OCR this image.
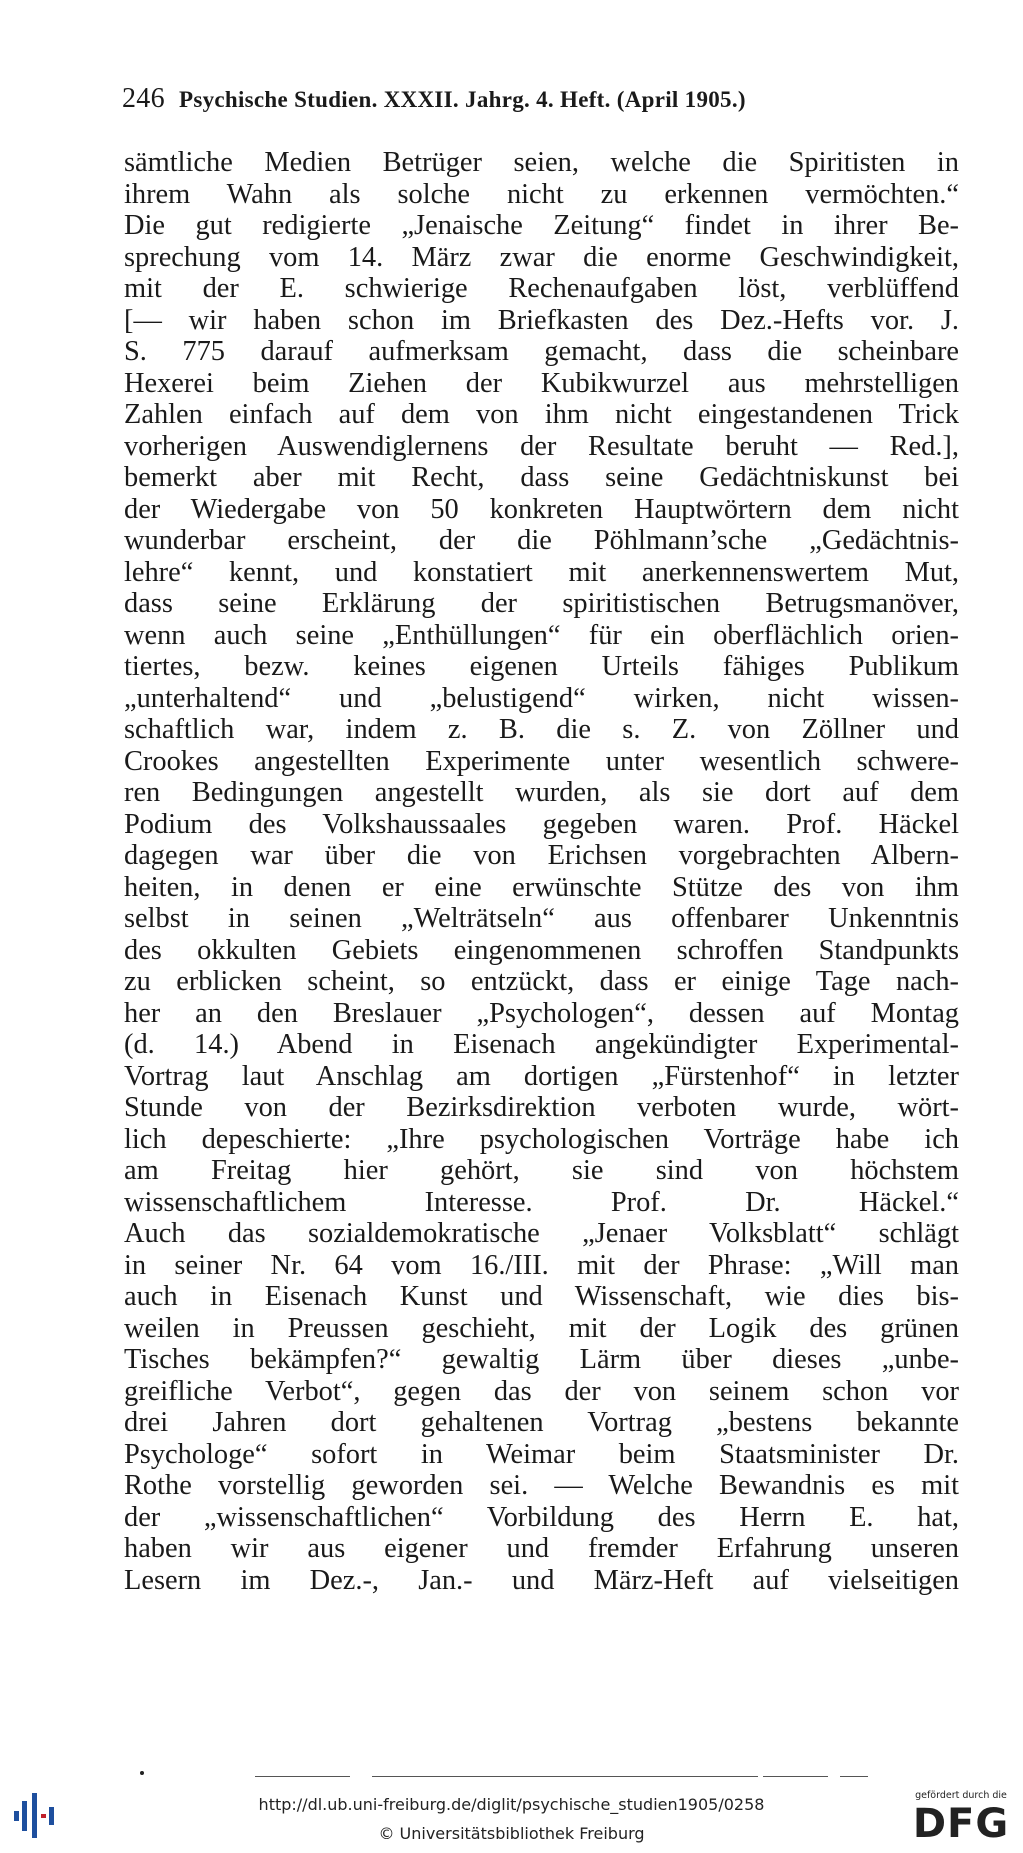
246 Psychische Studien. XXXII. Jahrg. 4. Heft. (April 1905.)
sämtliche Medien Betrüger seien, welche die Spiritisten in
ihrem Wahn als solche nicht zu erkennen vermöchten.“
Die gut redigierte „Jenaische Zeitung“ findet in ihrer Be-
sprechung vom 14. März zwar die enorme Geschwindigkeit,
mit der E. schwierige Rechenaufgaben löst, verblüffend
[— wir haben schon im Briefkasten des Dez.-Hefts vor. J.
S. 775 darauf aufmerksam gemacht, dass die scheinbare
Hexerei beim Ziehen der Kubikwurzel aus mehrstelligen
Zahlen einfach auf dem von ihm nicht eingestandenen Trick
vorherigen Auswendiglernens der Resultate beruht — Red.],
bemerkt aber mit Recht, dass seine Gedächtniskunst bei
der Wiedergabe von 50 konkreten Hauptwörtern dem nicht
wunderbar erscheint, der die Pöhlmann’sche „Gedächtnis-
lehre“ kennt, und konstatiert mit anerkennenswertem Mut,
dass seine Erklärung der spiritistischen Betrugsmanöver,
wenn auch seine „Enthüllungen“ für ein oberflächlich orien-
tiertes, bezw. keines eigenen Urteils fähiges Publikum
„unterhaltend“ und „belustigend“ wirken, nicht wissen-
schaftlich war, indem z. B. die s. Z. von Zöllner und
Crookes angestellten Experimente unter wesentlich schwere-
ren Bedingungen angestellt wurden, als sie dort auf dem
Podium des Volkshaussaales gegeben waren. Prof. Häckel
dagegen war über die von Erichsen vorgebrachten Albern-
heiten, in denen er eine erwünschte Stütze des von ihm
selbst in seinen „Welträtseln“ aus offenbarer Unkenntnis
des okkulten Gebiets eingenommenen schroffen Standpunkts
zu erblicken scheint, so entzückt, dass er einige Tage nach-
her an den Breslauer „Psychologen“, dessen auf Montag
(d. 14.) Abend in Eisenach angekündigter Experimental-
Vortrag laut Anschlag am dortigen „Fürstenhof“ in letzter
Stunde von der Bezirksdirektion verboten wurde, wört-
lich depeschierte: „Ihre psychologischen Vorträge habe ich
am Freitag hier gehört, sie sind von höchstem
wissenschaftlichem Interesse. Prof. Dr. Häckel.“
Auch das sozialdemokratische „Jenaer Volksblatt“ schlägt
in seiner Nr. 64 vom 16./III. mit der Phrase: „Will man
auch in Eisenach Kunst und Wissenschaft, wie dies bis-
weilen in Preussen geschieht, mit der Logik des grünen
Tisches bekämpfen?“ gewaltig Lärm über dieses „unbe-
greifliche Verbot“, gegen das der von seinem schon vor
drei Jahren dort gehaltenen Vortrag „bestens bekannte
Psychologe“ sofort in Weimar beim Staatsminister Dr.
Rothe vorstellig geworden sei. — Welche Bewandnis es mit
der „wissenschaftlichen“ Vorbildung des Herrn E. hat,
haben wir aus eigener und fremder Erfahrung unseren
Lesern im Dez.-, Jan.- und März-Heft auf vielseitigen
http://dl.ub.uni-freiburg.de/diglit/psychische_studien1905/0258
© Universitätsbibliothek Freiburg
gefördert durch die
DFG
